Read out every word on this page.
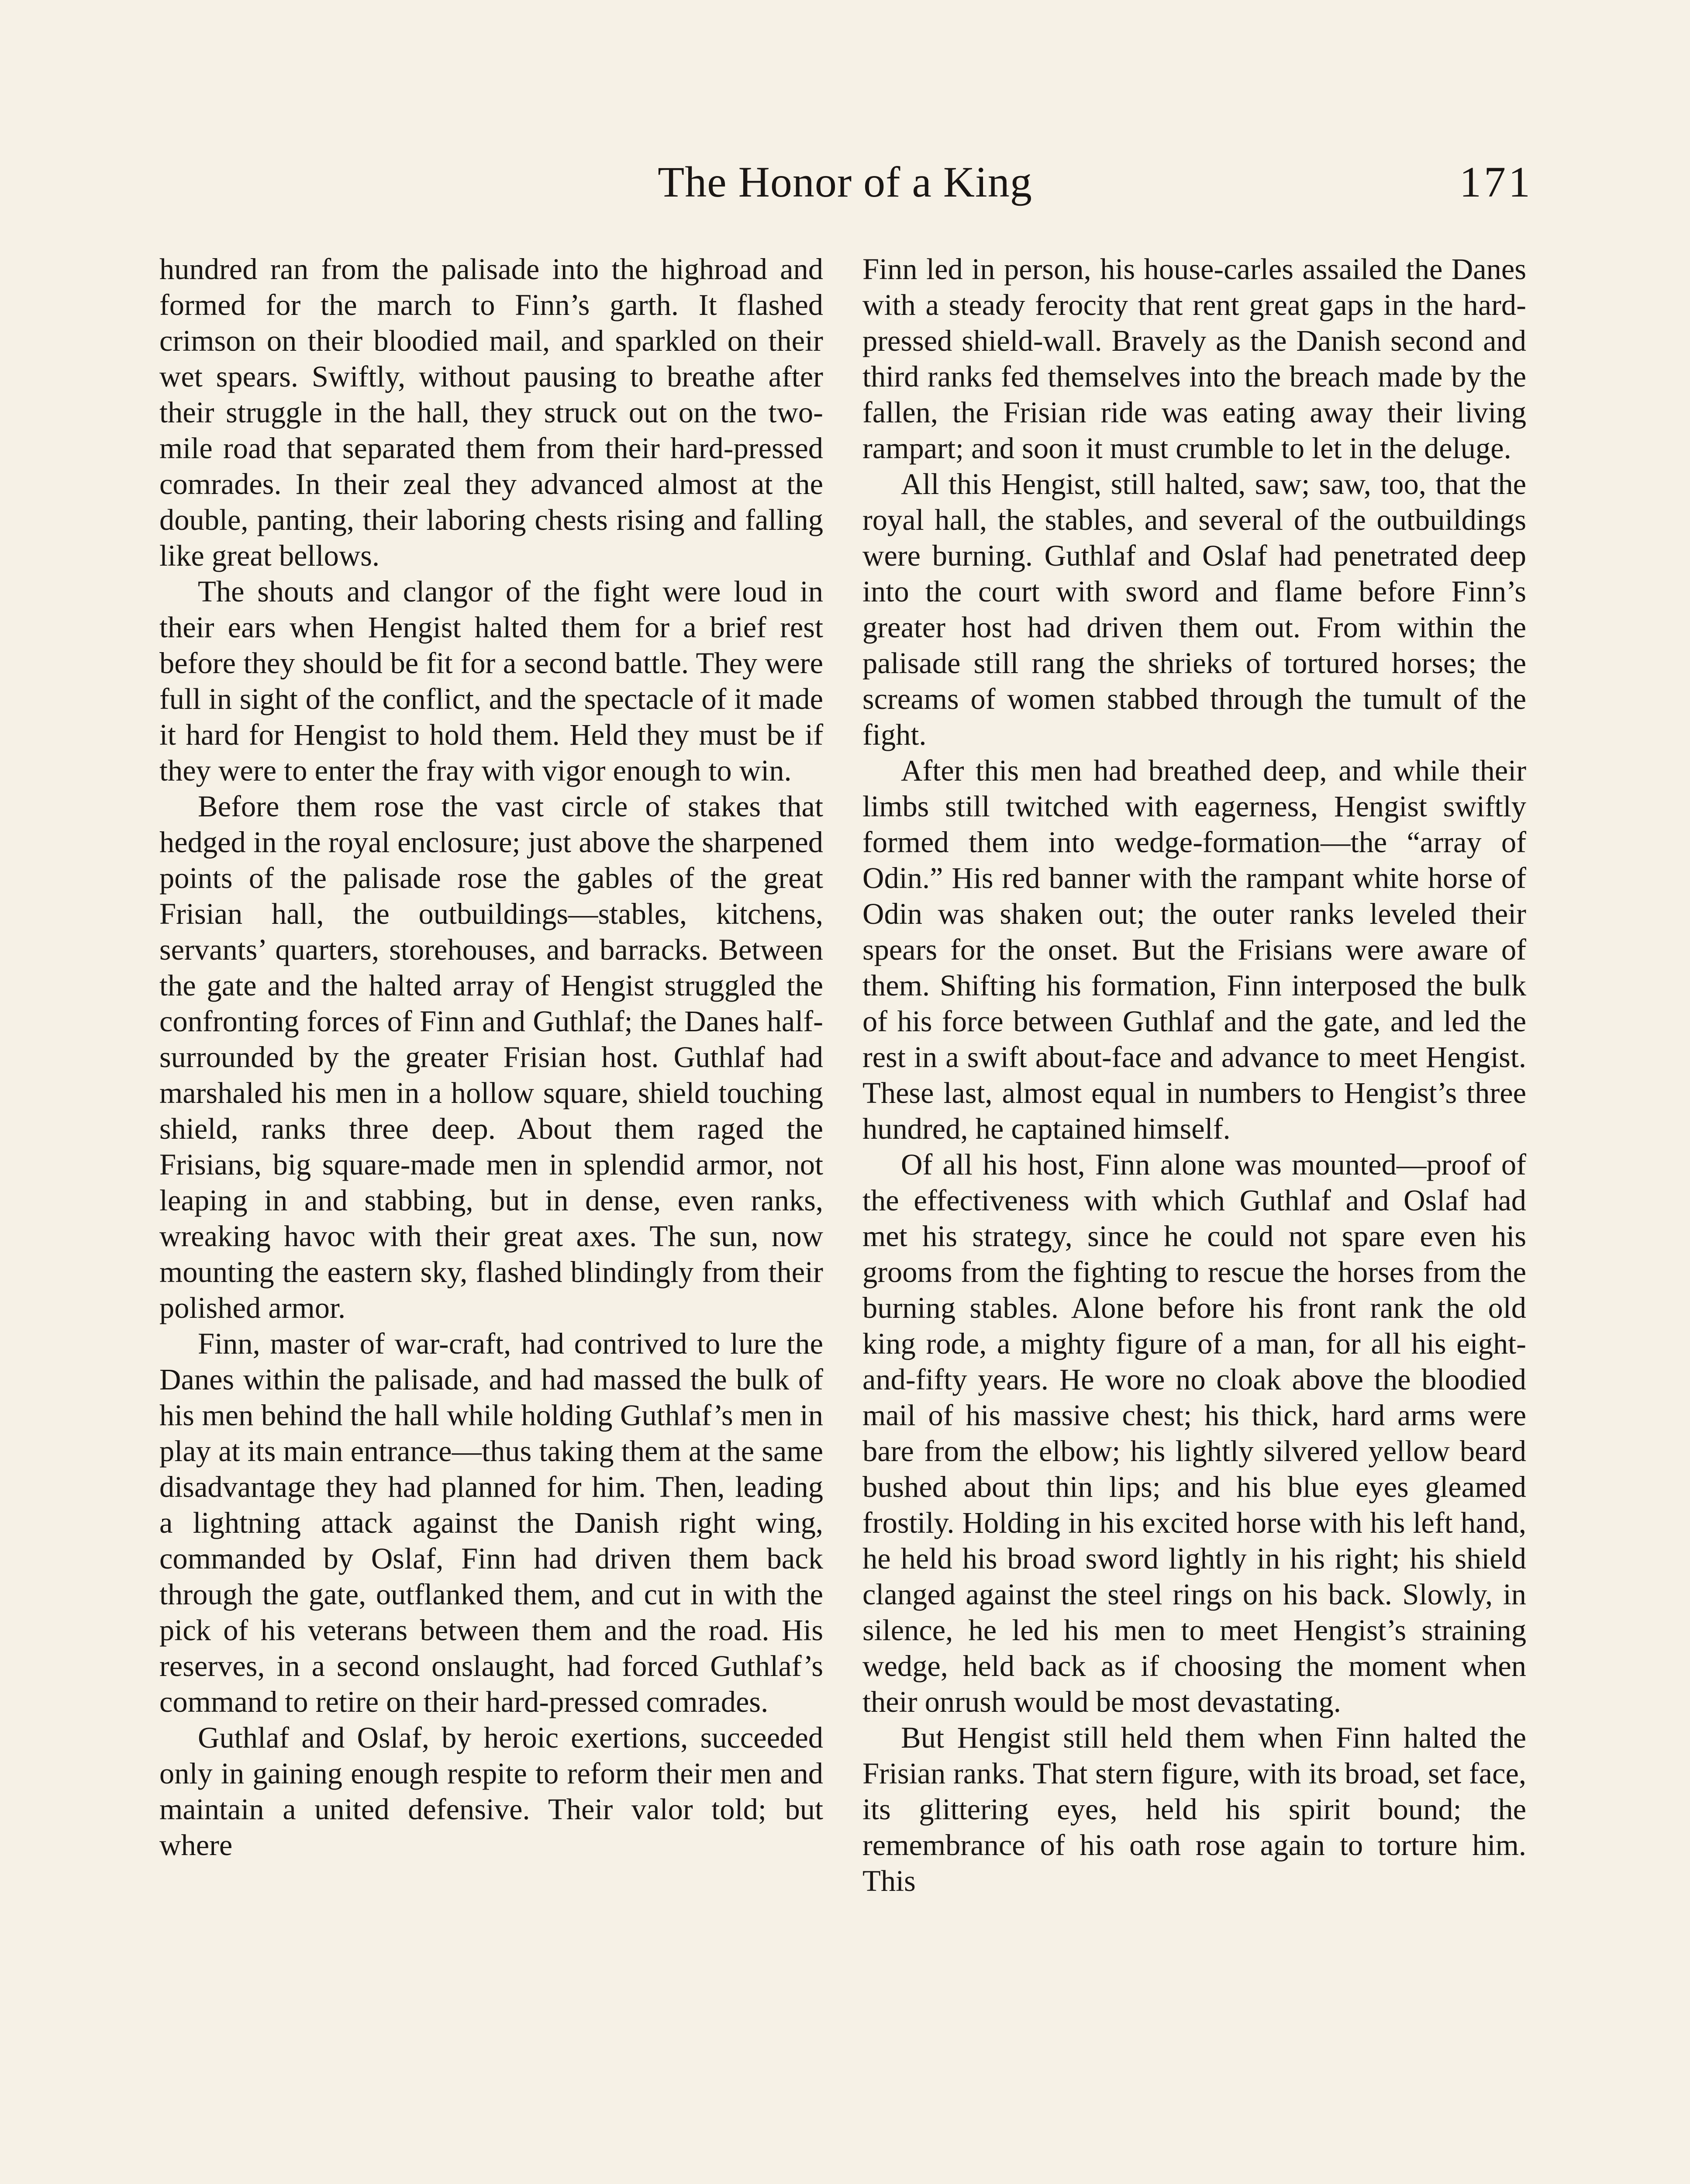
The Honor of a King	171

hundred ran from the palisade into the highroad and formed for the march to Finn’s garth. It flashed crimson on their bloodied mail, and sparkled on their wet spears. Swiftly, without pausing to breathe after their struggle in the hall, they struck out on the two-mile road that separated them from their hard-pressed comrades. In their zeal they advanced almost at the double, panting, their laboring chests rising and falling like great bellows.

The shouts and clangor of the fight were loud in their ears when Hengist halted them for a brief rest before they should be fit for a second battle. They were full in sight of the conflict, and the spectacle of it made it hard for Hengist to hold them. Held they must be if they were to enter the fray with vigor enough to win.

Before them rose the vast circle of stakes that hedged in the royal enclosure; just above the sharpened points of the palisade rose the gables of the great Frisian hall, the outbuildings—stables, kitchens, servants’ quarters, storehouses, and barracks. Between the gate and the halted array of Hengist struggled the confronting forces of Finn and Guthlaf; the Danes half-surrounded by the greater Frisian host. Guthlaf had marshaled his men in a hollow square, shield touching shield, ranks three deep. About them raged the Frisians, big square-made men in splendid armor, not leaping in and stabbing, but in dense, even ranks, wreaking havoc with their great axes. The sun, now mounting the eastern sky, flashed blindingly from their polished armor.

Finn, master of war-craft, had contrived to lure the Danes within the palisade, and had massed the bulk of his men behind the hall while holding Guthlaf’s men in play at its main entrance—thus taking them at the same disadvantage they had planned for him. Then, leading a lightning attack against the Danish right wing, commanded by Oslaf, Finn had driven them back through the gate, outflanked them, and cut in with the pick of his veterans between them and the road. His reserves, in a second onslaught, had forced Guthlaf’s command to retire on their hard-pressed comrades.

Guthlaf and Oslaf, by heroic exertions, succeeded only in gaining enough respite to reform their men and maintain a united defensive. Their valor told; but where

Finn led in person, his house-carles assailed the Danes with a steady ferocity that rent great gaps in the hard-pressed shield-wall. Bravely as the Danish second and third ranks fed themselves into the breach made by the fallen, the Frisian ride was eating away their living rampart; and soon it must crumble to let in the deluge.

All this Hengist, still halted, saw; saw, too, that the royal hall, the stables, and several of the outbuildings were burning. Guthlaf and Oslaf had penetrated deep into the court with sword and flame before Finn’s greater host had driven them out. From within the palisade still rang the shrieks of tortured horses; the screams of women stabbed through the tumult of the fight.

After this men had breathed deep, and while their limbs still twitched with eagerness, Hengist swiftly formed them into wedge-formation—the “array of Odin.” His red banner with the rampant white horse of Odin was shaken out; the outer ranks leveled their spears for the onset. But the Frisians were aware of them. Shifting his formation, Finn interposed the bulk of his force between Guthlaf and the gate, and led the rest in a swift about-face and advance to meet Hengist. These last, almost equal in numbers to Hengist’s three hundred, he captained himself.

Of all his host, Finn alone was mounted—proof of the effectiveness with which Guthlaf and Oslaf had met his strategy, since he could not spare even his grooms from the fighting to rescue the horses from the burning stables. Alone before his front rank the old king rode, a mighty figure of a man, for all his eight-and-fifty years. He wore no cloak above the bloodied mail of his massive chest; his thick, hard arms were bare from the elbow; his lightly silvered yellow beard bushed about thin lips; and his blue eyes gleamed frostily. Holding in his excited horse with his left hand, he held his broad sword lightly in his right; his shield clanged against the steel rings on his back. Slowly, in silence, he led his men to meet Hengist’s straining wedge, held back as if choosing the moment when their onrush would be most devastating.

But Hengist still held them when Finn halted the Frisian ranks. That stern figure, with its broad, set face, its glittering eyes, held his spirit bound; the remembrance of his oath rose again to torture him. This
